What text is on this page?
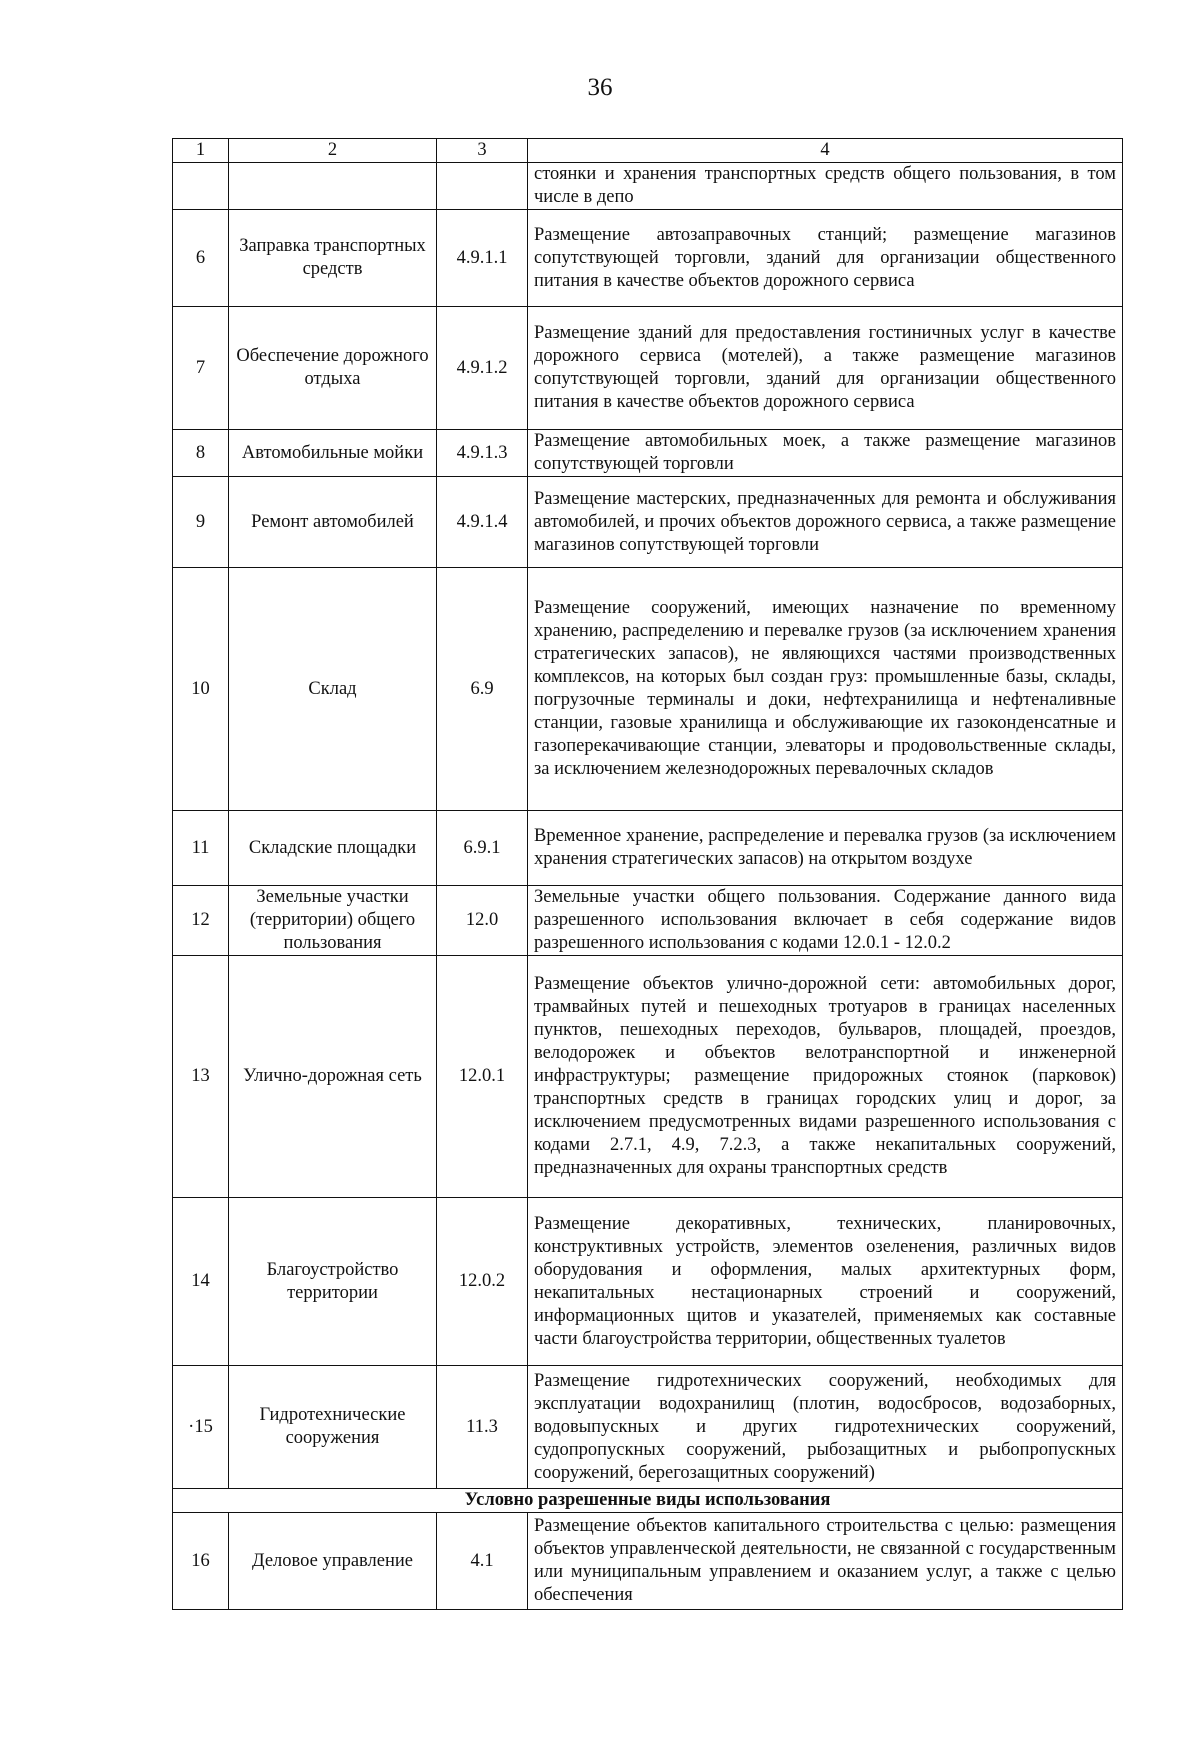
36
1	2	3	4
			стоянки и хранения транспортных средств общего пользования, в том числе в депо
6	Заправка транспортных средств	4.9.1.1	Размещение автозаправочных станций; размещение магазинов сопутствующей торговли, зданий для организации общественного питания в качестве объектов дорожного сервиса
7	Обеспечение дорожного отдыха	4.9.1.2	Размещение зданий для предоставления гостиничных услуг в качестве дорожного сервиса (мотелей), а также размещение магазинов сопутствующей торговли, зданий для организации общественного питания в качестве объектов дорожного сервиса
8	Автомобильные мойки	4.9.1.3	Размещение автомобильных моек, а также размещение магазинов сопутствующей торговли
9	Ремонт автомобилей	4.9.1.4	Размещение мастерских, предназначенных для ремонта и обслуживания автомобилей, и прочих объектов дорожного сервиса, а также размещение магазинов сопутствующей торговли
10	Склад	6.9	Размещение сооружений, имеющих назначение по временному хранению, распределению и перевалке грузов (за исключением хранения стратегических запасов), не являющихся частями производственных комплексов, на которых был создан груз: промышленные базы, склады, погрузочные терминалы и доки, нефтехранилища и нефтеналивные станции, газовые хранилища и обслуживающие их газоконденсатные и газоперекачивающие станции, элеваторы и продовольственные склады, за исключением железнодорожных перевалочных складов
11	Складские площадки	6.9.1	Временное хранение, распределение и перевалка грузов (за исключением хранения стратегических запасов) на открытом воздухе
12	Земельные участки (территории) общего пользования	12.0	Земельные участки общего пользования. Содержание данного вида разрешенного использования включает в себя содержание видов разрешенного использования с кодами 12.0.1 - 12.0.2
13	Улично-дорожная сеть	12.0.1	Размещение объектов улично-дорожной сети: автомобильных дорог, трамвайных путей и пешеходных тротуаров в границах населенных пунктов, пешеходных переходов, бульваров, площадей, проездов, велодорожек и объектов велотранспортной и инженерной инфраструктуры; размещение придорожных стоянок (парковок) транспортных средств в границах городских улиц и дорог, за исключением предусмотренных видами разрешенного использования с кодами 2.7.1, 4.9, 7.2.3, а также некапитальных сооружений, предназначенных для охраны транспортных средств
14	Благоустройство территории	12.0.2	Размещение декоративных, технических, планировочных, конструктивных устройств, элементов озеленения, различных видов оборудования и оформления, малых архитектурных форм, некапитальных нестационарных строений и сооружений, информационных щитов и указателей, применяемых как составные части благоустройства территории, общественных туалетов
·15	Гидротехнические сооружения	11.3	Размещение гидротехнических сооружений, необходимых для эксплуатации водохранилищ (плотин, водосбросов, водозаборных, водовыпускных и других гидротехнических сооружений, судопропускных сооружений, рыбозащитных и рыбопропускных сооружений, берегозащитных сооружений)
Условно разрешенные виды использования			
16	Деловое управление	4.1	Размещение объектов капитального строительства с целью: размещения объектов управленческой деятельности, не связанной с государственным или муниципальным управлением и оказанием услуг, а также с целью обеспечения
